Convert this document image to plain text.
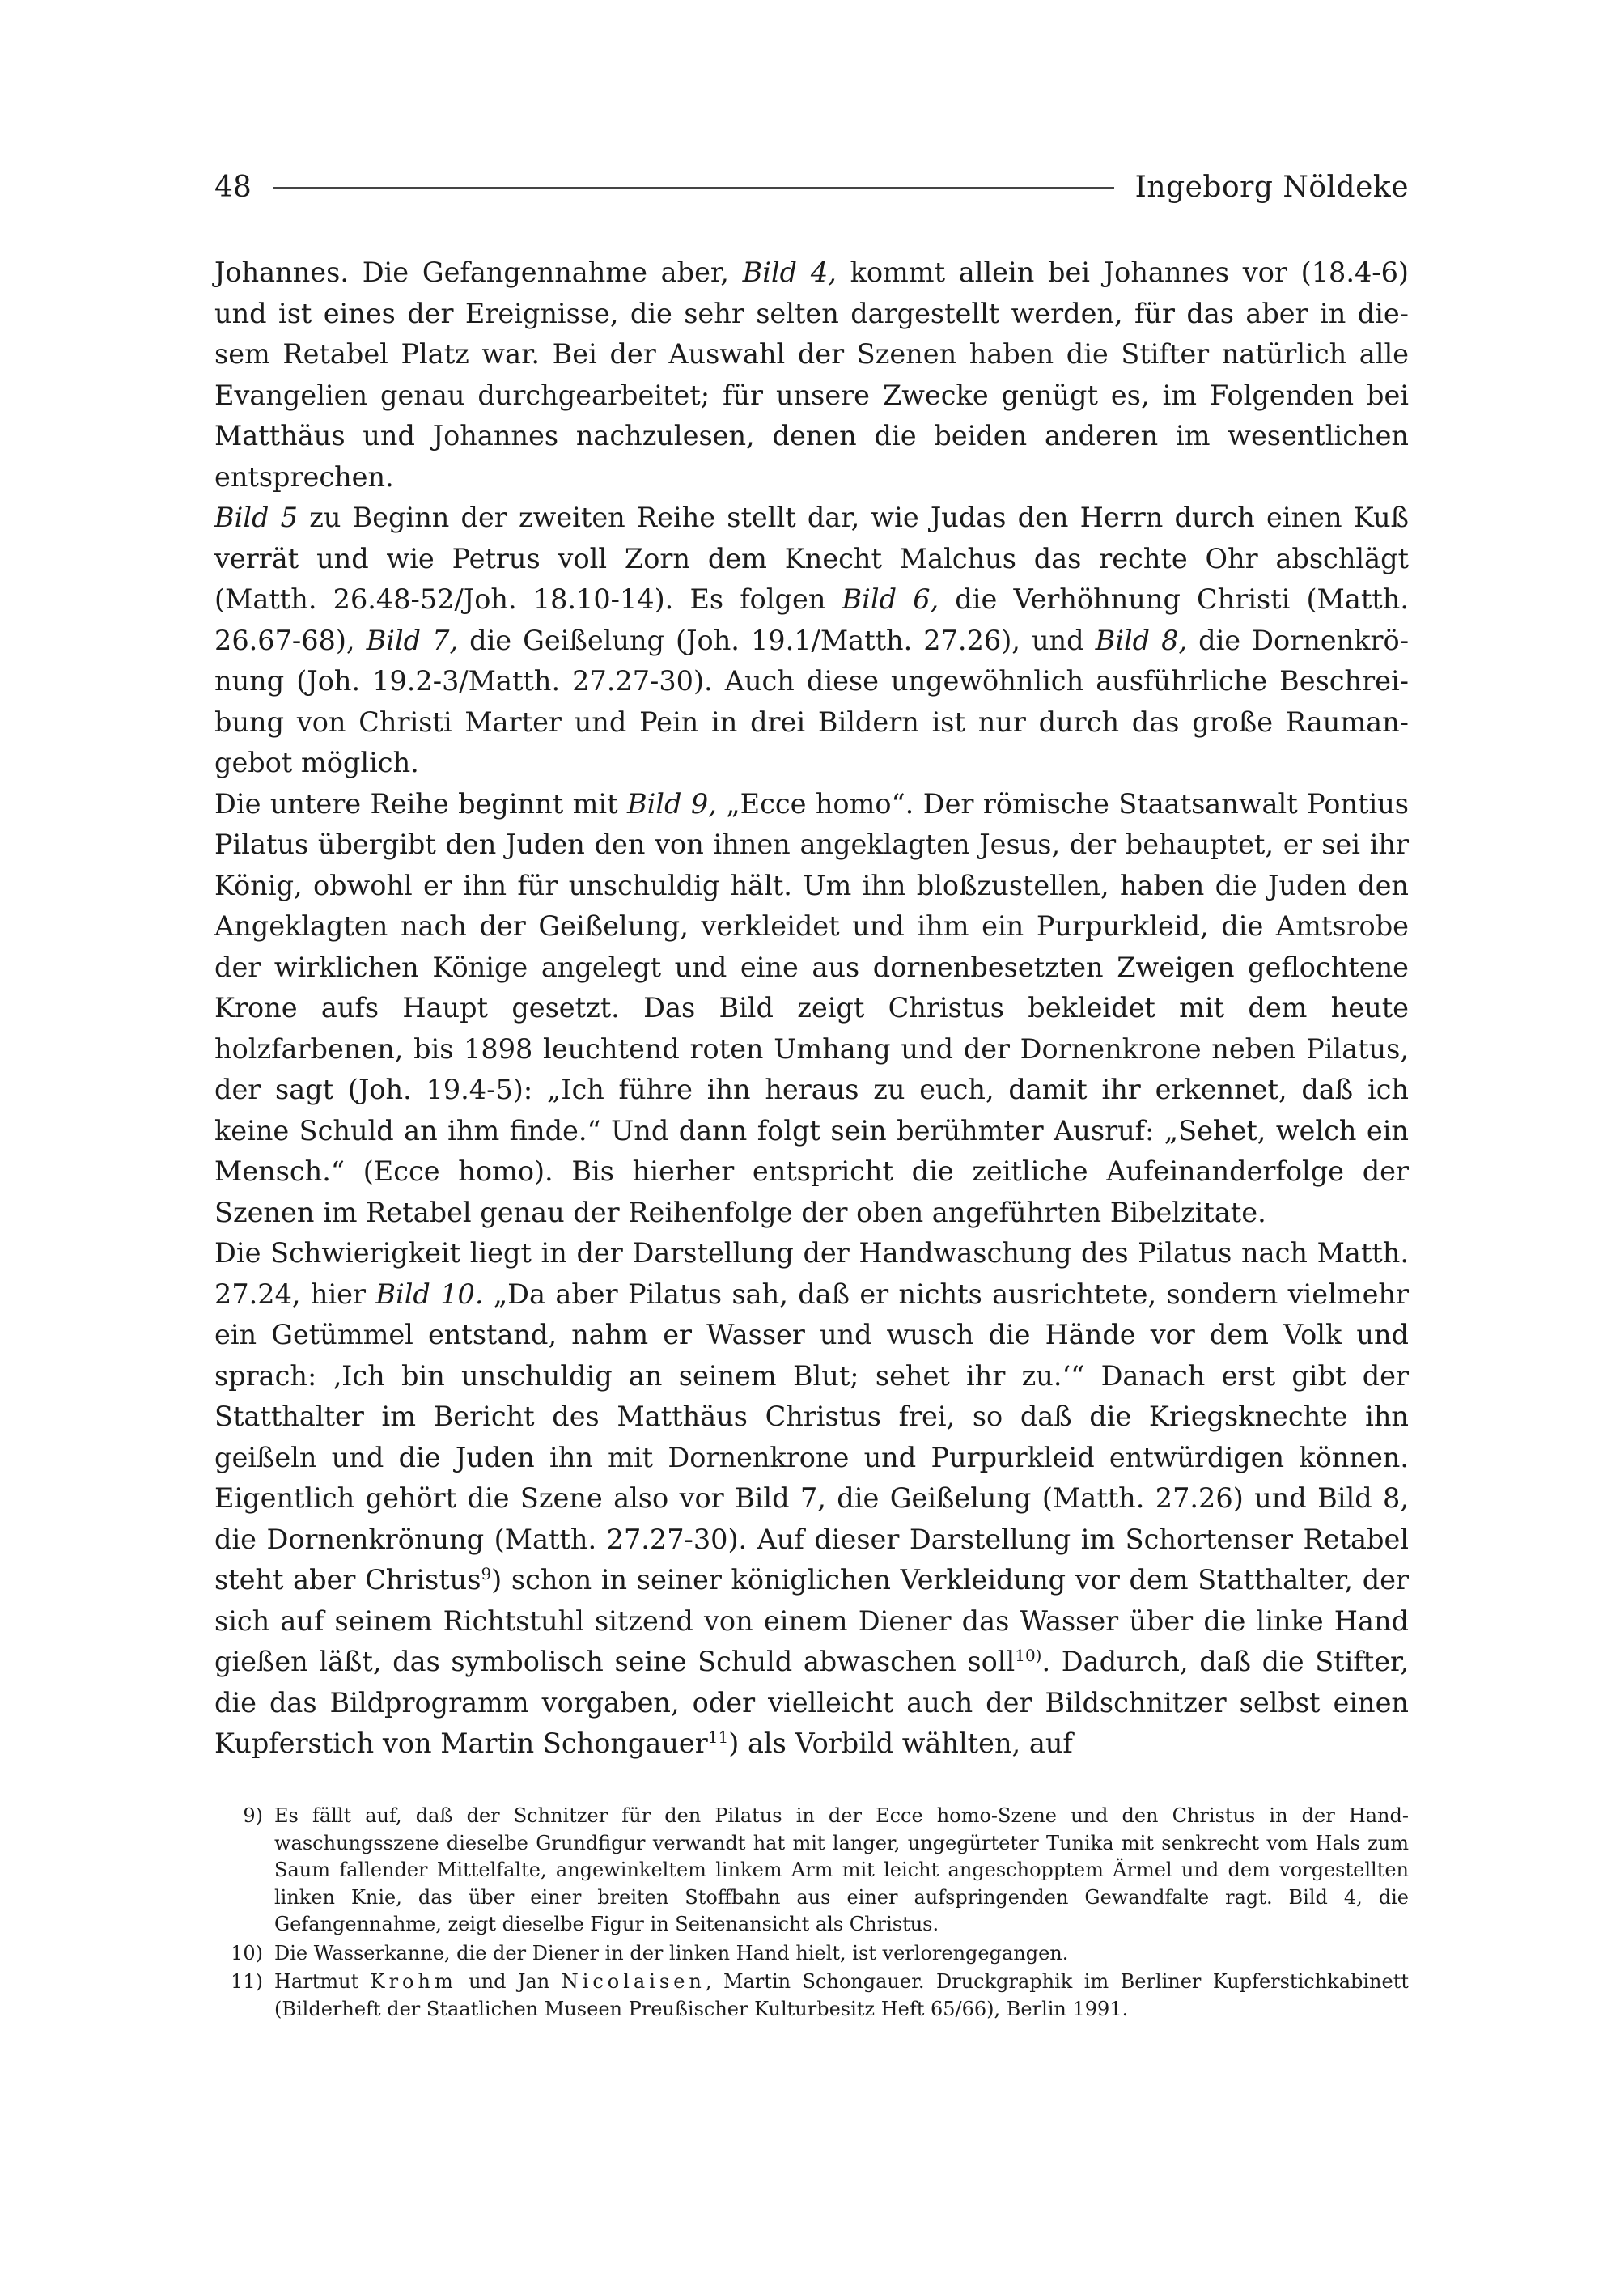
48	Ingeborg Nöldeke

Johannes. Die Gefangennahme aber, Bild 4, kommt allein bei Johannes vor (18.4-6) und ist eines der Ereignisse, die sehr selten dargestellt werden, für das aber in diesem Retabel Platz war. Bei der Auswahl der Szenen haben die Stifter natürlich alle Evangelien genau durchgearbeitet; für unsere Zwecke genügt es, im Folgenden bei Matthäus und Johannes nachzulesen, denen die beiden anderen im wesentlichen entsprechen.

Bild 5 zu Beginn der zweiten Reihe stellt dar, wie Judas den Herrn durch einen Kuß verrät und wie Petrus voll Zorn dem Knecht Malchus das rechte Ohr abschlägt (Matth. 26.48-52/Joh. 18.10-14). Es folgen Bild 6, die Verhöhnung Christi (Matth. 26.67-68), Bild 7, die Geißelung (Joh. 19.1/Matth. 27.26), und Bild 8, die Dornenkrönung (Joh. 19.2-3/Matth. 27.27-30). Auch diese ungewöhnlich ausführliche Beschreibung von Christi Marter und Pein in drei Bildern ist nur durch das große Raumangebot möglich.

Die untere Reihe beginnt mit Bild 9, „Ecce homo“. Der römische Staatsanwalt Pontius Pilatus übergibt den Juden den von ihnen angeklagten Jesus, der behauptet, er sei ihr König, obwohl er ihn für unschuldig hält. Um ihn bloßzustellen, haben die Juden den Angeklagten nach der Geißelung, verkleidet und ihm ein Purpurkleid, die Amtsrobe der wirklichen Könige angelegt und eine aus dornenbesetzten Zweigen geflochtene Krone aufs Haupt gesetzt. Das Bild zeigt Christus bekleidet mit dem heute holzfarbenen, bis 1898 leuchtend roten Umhang und der Dornenkrone neben Pilatus, der sagt (Joh. 19.4-5): „Ich führe ihn heraus zu euch, damit ihr erkennet, daß ich keine Schuld an ihm finde.“ Und dann folgt sein berühmter Ausruf: „Sehet, welch ein Mensch.“ (Ecce homo). Bis hierher entspricht die zeitliche Aufeinanderfolge der Szenen im Retabel genau der Reihenfolge der oben angeführten Bibelzitate.

Die Schwierigkeit liegt in der Darstellung der Handwaschung des Pilatus nach Matth. 27.24, hier Bild 10. „Da aber Pilatus sah, daß er nichts ausrichtete, sondern vielmehr ein Getümmel entstand, nahm er Wasser und wusch die Hände vor dem Volk und sprach: ‚Ich bin unschuldig an seinem Blut; sehet ihr zu.‘“ Danach erst gibt der Statthalter im Bericht des Matthäus Christus frei, so daß die Kriegsknechte ihn geißeln und die Juden ihn mit Dornenkrone und Purpurkleid entwürdigen können. Eigentlich gehört die Szene also vor Bild 7, die Geißelung (Matth. 27.26) und Bild 8, die Dornenkrönung (Matth. 27.27-30). Auf dieser Darstellung im Schortenser Retabel steht aber Christus$^9$) schon in seiner königlichen Verkleidung vor dem Statthalter, der sich auf seinem Richtstuhl sitzend von einem Diener das Wasser über die linke Hand gießen läßt, das symbolisch seine Schuld abwaschen soll$^{10)}$. Dadurch, daß die Stifter, die das Bildprogramm vorgaben, oder vielleicht auch der Bildschnitzer selbst einen Kupferstich von Martin Schongauer$^{11}$) als Vorbild wählten, auf

9) Es fällt auf, daß der Schnitzer für den Pilatus in der Ecce homo-Szene und den Christus in der Handwaschungsszene dieselbe Grundfigur verwandt hat mit langer, ungegürteter Tunika mit senkrecht vom Hals zum Saum fallender Mittelfalte, angewinkeltem linkem Arm mit leicht angeschopptem Ärmel und dem vorgestellten linken Knie, das über einer breiten Stoffbahn aus einer aufspringenden Gewandfalte ragt. Bild 4, die Gefangennahme, zeigt dieselbe Figur in Seitenansicht als Christus.
10) Die Wasserkanne, die der Diener in der linken Hand hielt, ist verlorengegangen.
11) Hartmut Krohm und Jan Nicolaisen, Martin Schongauer. Druckgraphik im Berliner Kupferstichkabinett (Bilderheft der Staatlichen Museen Preußischer Kulturbesitz Heft 65/66), Berlin 1991.
